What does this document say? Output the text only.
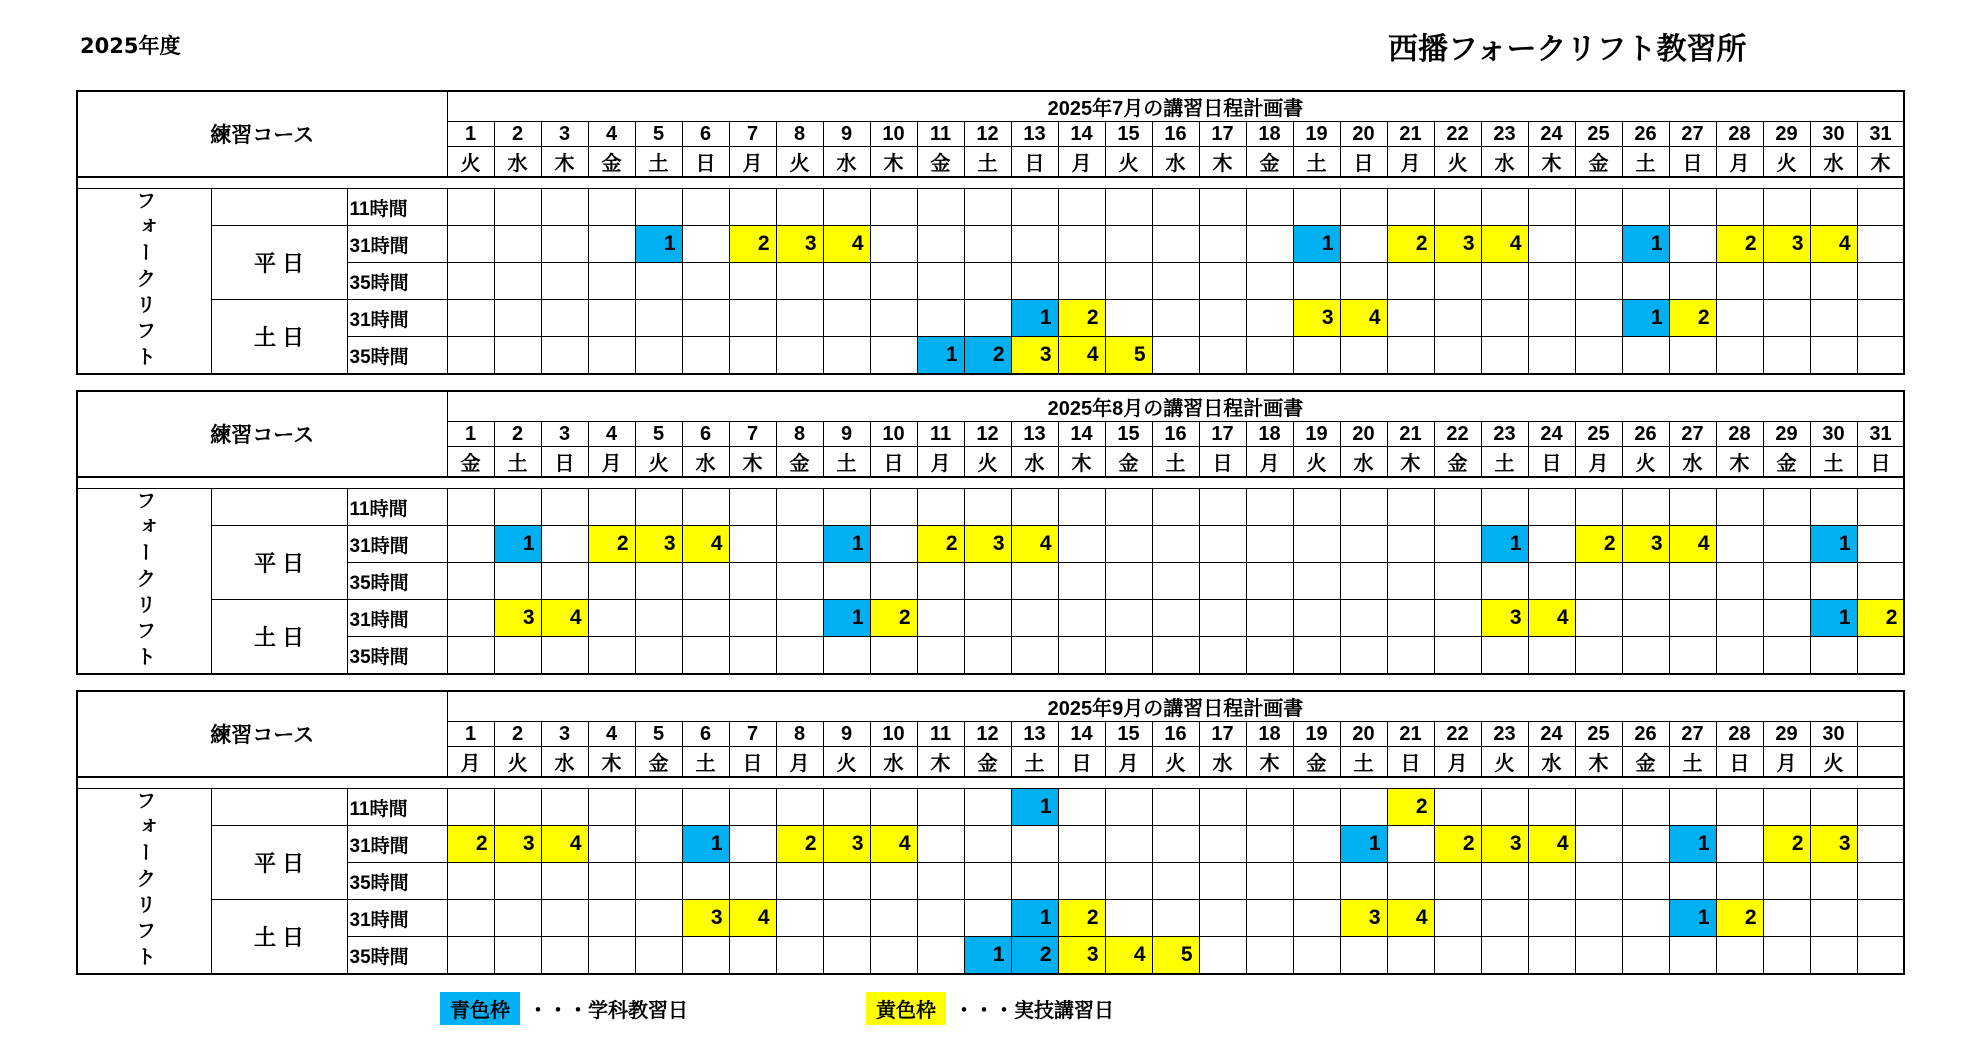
2025年度	西播フォークリフト教習所
練習コース			2025年7月の講習日程計画書																														
			1	2	3	4	5	6	7	8	9	10	11	12	13	14	15	16	17	18	19	20	21	22	23	24	25	26	27	28	29	30	31
			火	水	木	金	土	日	月	火	水	木	金	土	日	月	火	水	木	金	土	日	月	火	水	木	金	土	日	月	火	水	木

フォークリフト		11時間																															
	平 日	31時間					1		2	3	4										1		2	3	4			1		2	3	4	
		35時間																															
	土 日	31時間													1	2					3	4						1	2				
		35時間											1	2	3	4	5																
練習コース			2025年8月の講習日程計画書																														
			1	2	3	4	5	6	7	8	9	10	11	12	13	14	15	16	17	18	19	20	21	22	23	24	25	26	27	28	29	30	31
			金	土	日	月	火	水	木	金	土	日	月	火	水	木	金	土	日	月	火	水	木	金	土	日	月	火	水	木	金	土	日

フォークリフト		11時間																															
	平 日	31時間		1		2	3	4			1		2	3	4										1		2	3	4			1	
		35時間																															
	土 日	31時間		3	4						1	2													3	4						1	2
		35時間																															
練習コース			2025年9月の講習日程計画書																														
			1	2	3	4	5	6	7	8	9	10	11	12	13	14	15	16	17	18	19	20	21	22	23	24	25	26	27	28	29	30	
			月	火	水	木	金	土	日	月	火	水	木	金	土	日	月	火	水	木	金	土	日	月	火	水	木	金	土	日	月	火	

フォークリフト		11時間													1								2										
	平 日	31時間	2	3	4			1		2	3	4										1		2	3	4			1		2	3	
		35時間																															
	土 日	31時間						3	4						1	2						3	4						1	2			
		35時間												1	2	3	4	5															
青色枠 ・・・学科教習日	黄色枠 ・・・実技講習日
